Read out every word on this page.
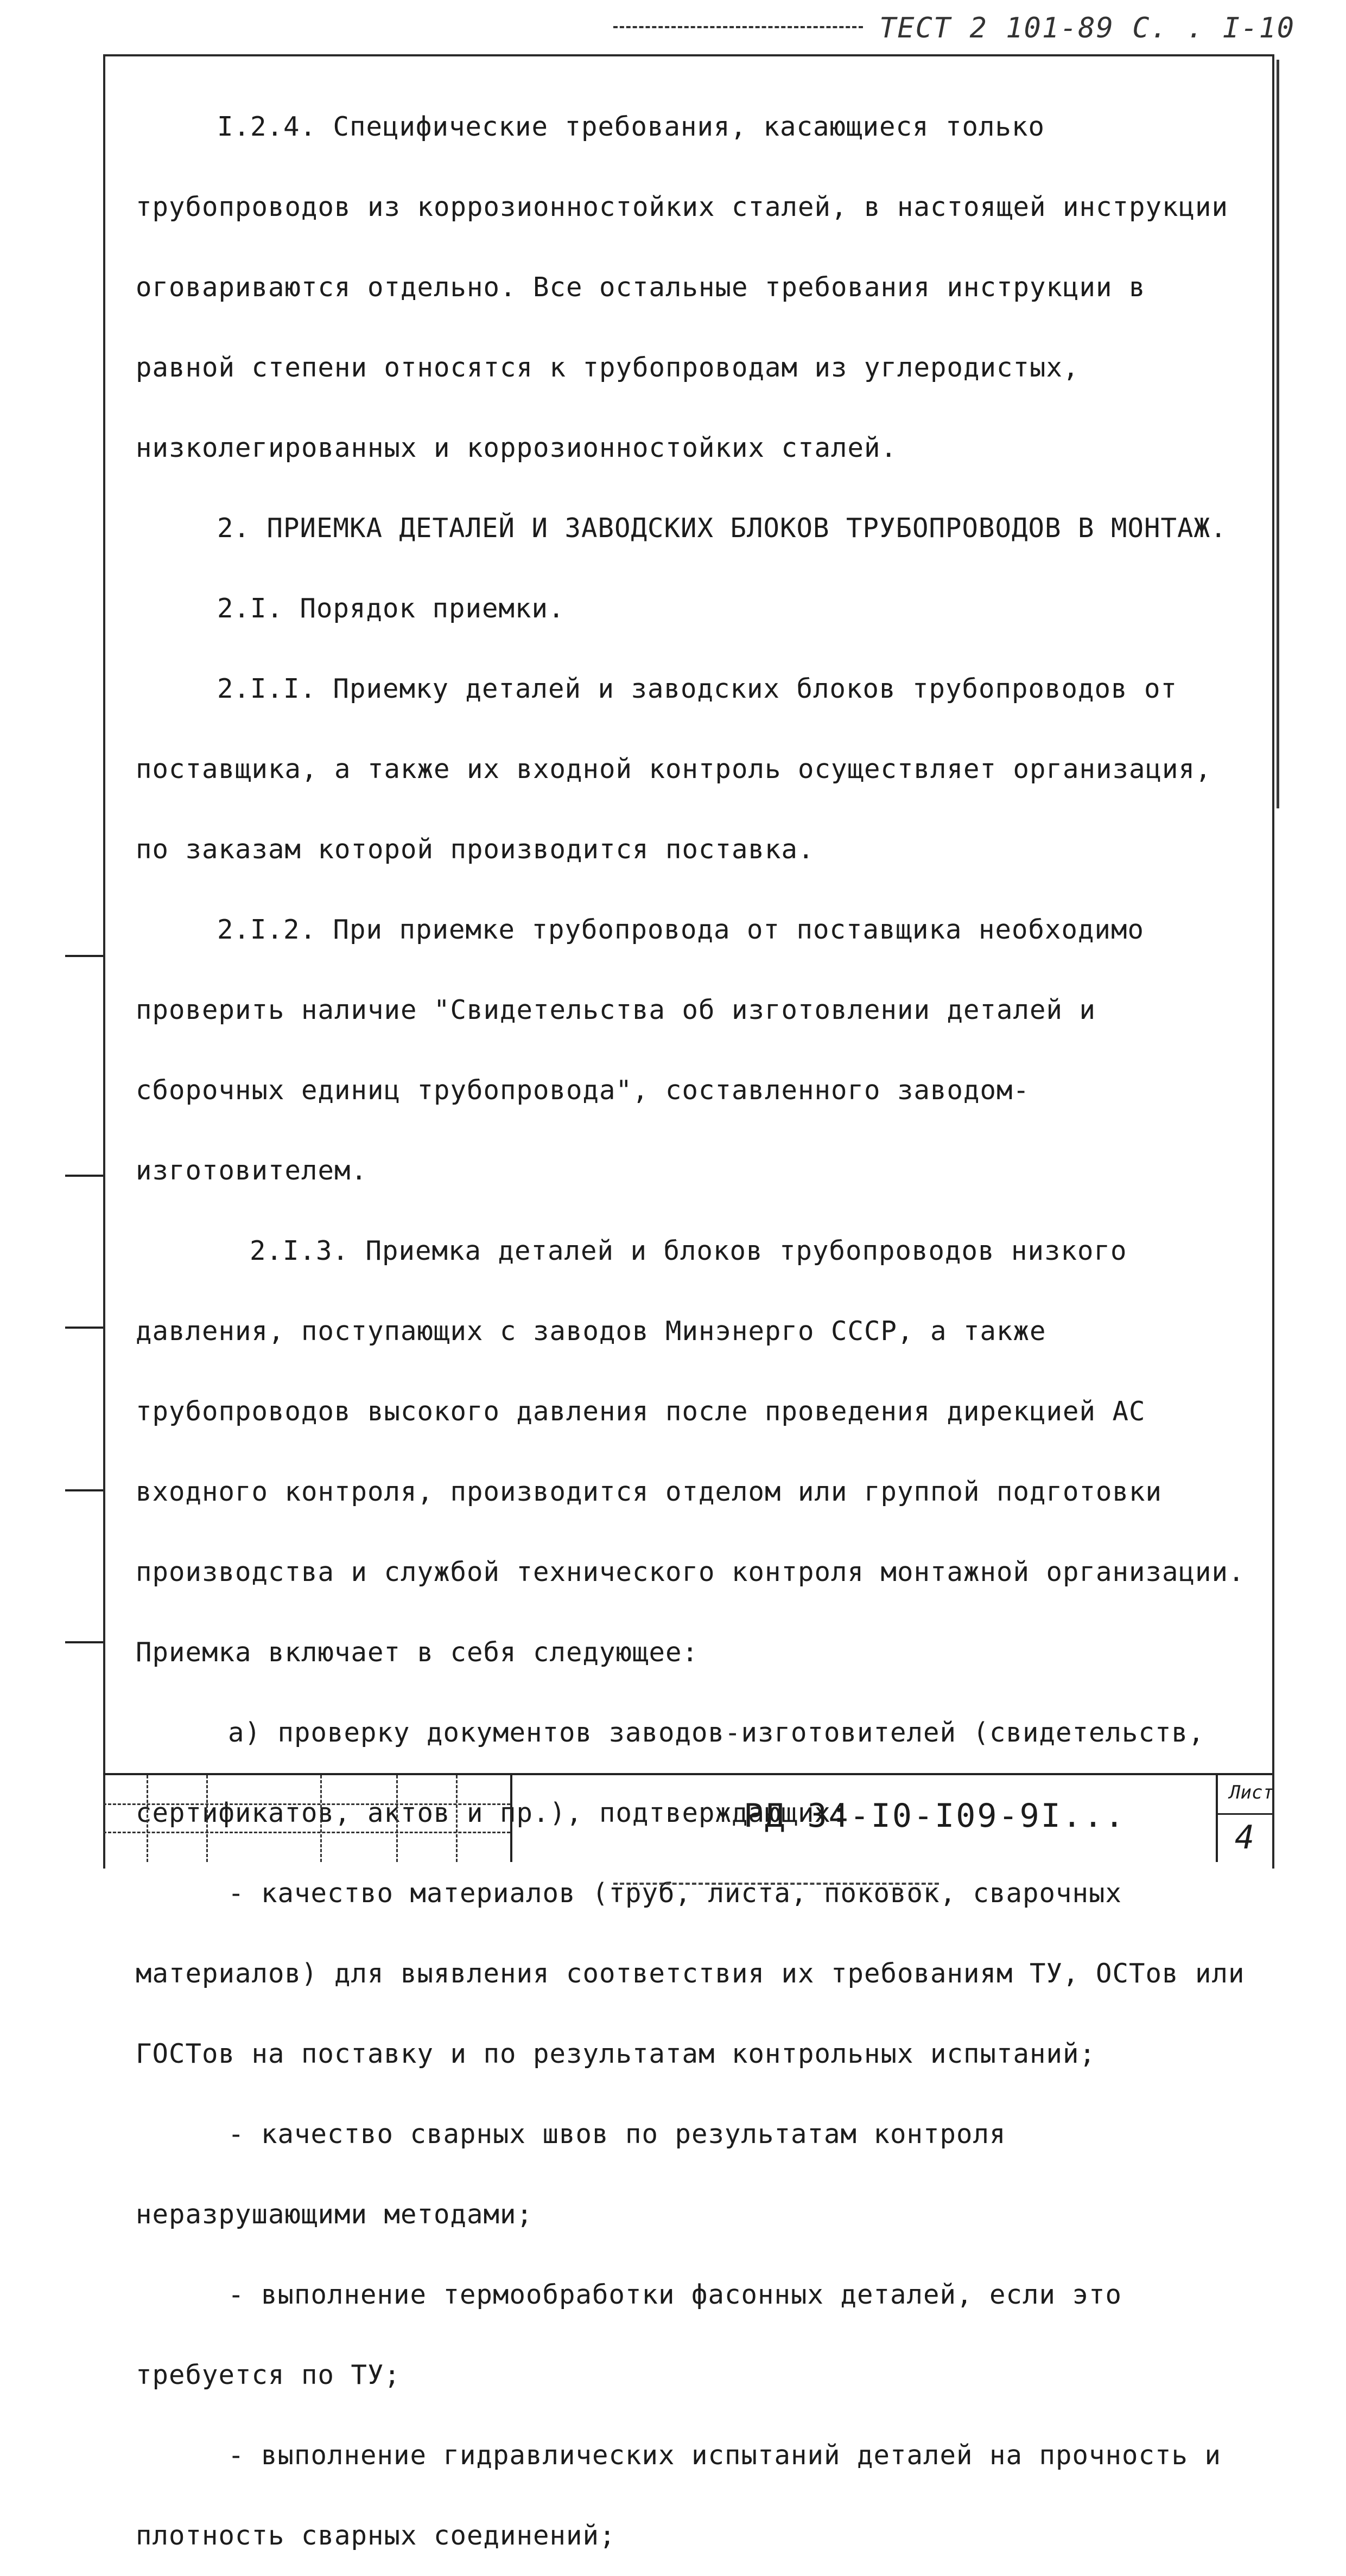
ТЕСТ 2 101-89 С. . I-10

I.2.4. Специфические требования, касающиеся только трубопроводов из коррозионностойких сталей, в настоящей инструкции оговариваются отдельно. Все остальные требования инструкции в равной степени относятся к трубопроводам из углеродистых, низколегированных и коррозионностойких сталей.

2. ПРИЕМКА ДЕТАЛЕЙ И ЗАВОДСКИХ БЛОКОВ ТРУБОПРОВОДОВ В МОНТАЖ.

2.I. Порядок приемки.

2.I.I. Приемку деталей и заводских блоков трубопроводов от поставщика, а также их входной контроль осуществляет организация, по заказам которой производится поставка.

2.I.2. При приемке трубопровода от поставщика необходимо проверить наличие "Свидетельства об изготовлении деталей и сборочных единиц трубопровода", составленного заводом-изготовителем.

2.I.3. Приемка деталей и блоков трубопроводов низкого давления, поступающих с заводов Минэнерго СССР, а также трубопроводов высокого давления после проведения дирекцией АС входного контроля, производится отделом или группой подготовки производства и службой технического контроля монтажной организации. Приемка включает в себя следующее:

а) проверку документов заводов-изготовителей (свидетельств, сертификатов, актов и пр.), подтверждающих:

- качество материалов (труб, листа, поковок, сварочных материалов) для выявления соответствия их требованиям ТУ, ОСТов или ГОСТов на поставку и по результатам контрольных испытаний;

- качество сварных швов по результатам контроля неразрушающими методами;

- выполнение термообработки фасонных деталей, если это требуется по ТУ;

- выполнение гидравлических испытаний деталей на прочность и плотность сварных соединений;

РД 34-I0-I09-9I...
Лист
4
